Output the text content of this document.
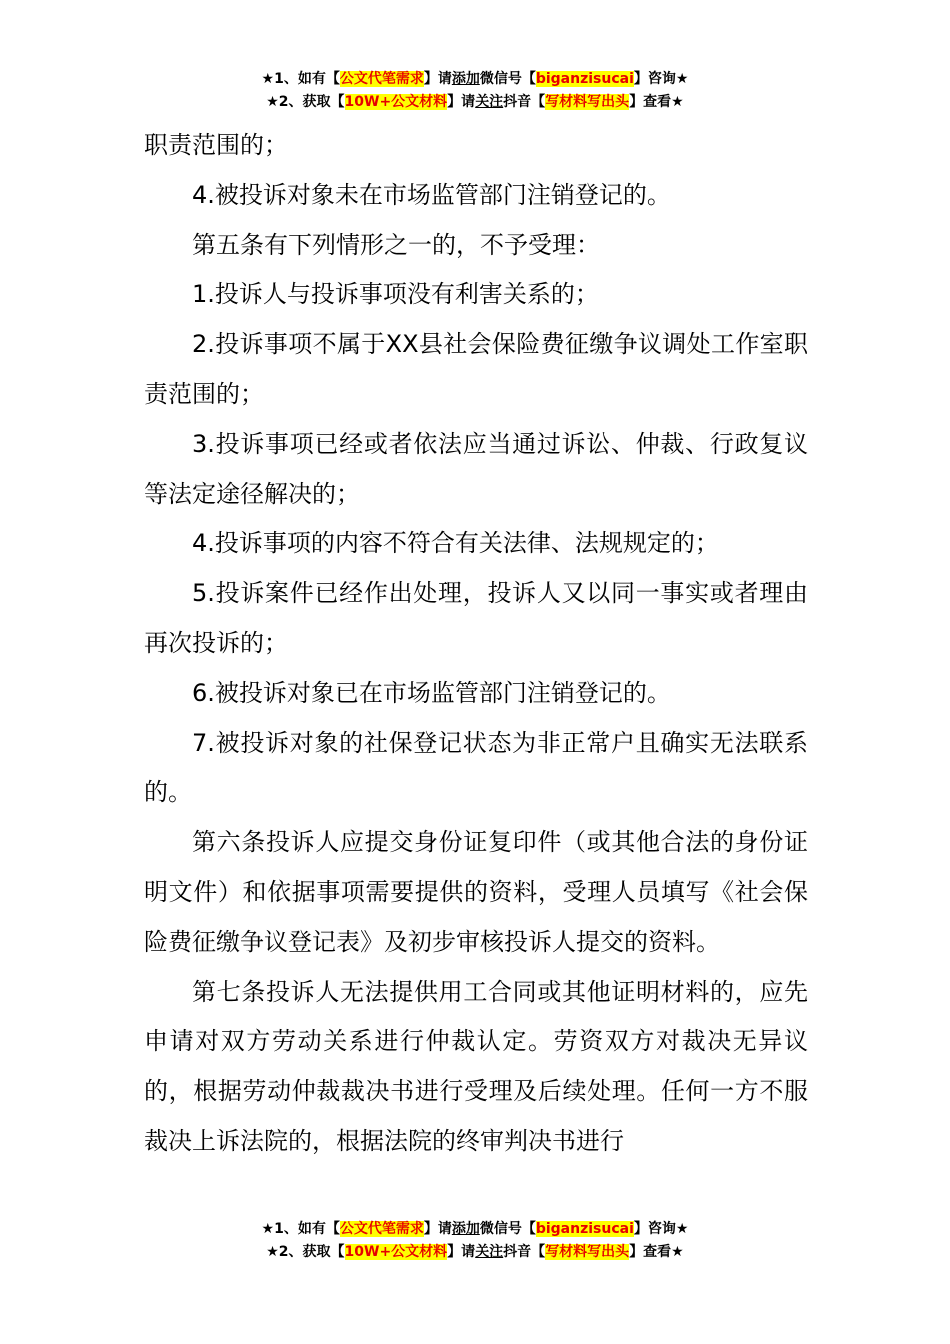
★1、如有【公文代笔需求】请添加微信号【biganzisucai】咨询★
★2、获取【10W+公文材料】请关注抖音【写材料写出头】查看★

职责范围的；

4.被投诉对象未在市场监管部门注销登记的。

第五条有下列情形之一的，不予受理：

1.投诉人与投诉事项没有利害关系的；

2.投诉事项不属于XX县社会保险费征缴争议调处工作室职责范围的；

3.投诉事项已经或者依法应当通过诉讼、仲裁、行政复议等法定途径解决的；

4.投诉事项的内容不符合有关法律、法规规定的；

5.投诉案件已经作出处理，投诉人又以同一事实或者理由再次投诉的；

6.被投诉对象已在市场监管部门注销登记的。

7.被投诉对象的社保登记状态为非正常户且确实无法联系的。

第六条投诉人应提交身份证复印件（或其他合法的身份证明文件）和依据事项需要提供的资料，受理人员填写《社会保险费征缴争议登记表》及初步审核投诉人提交的资料。

第七条投诉人无法提供用工合同或其他证明材料的，应先申请对双方劳动关系进行仲裁认定。劳资双方对裁决无异议的，根据劳动仲裁裁决书进行受理及后续处理。任何一方不服裁决上诉法院的，根据法院的终审判决书进行

★1、如有【公文代笔需求】请添加微信号【biganzisucai】咨询★
★2、获取【10W+公文材料】请关注抖音【写材料写出头】查看★
